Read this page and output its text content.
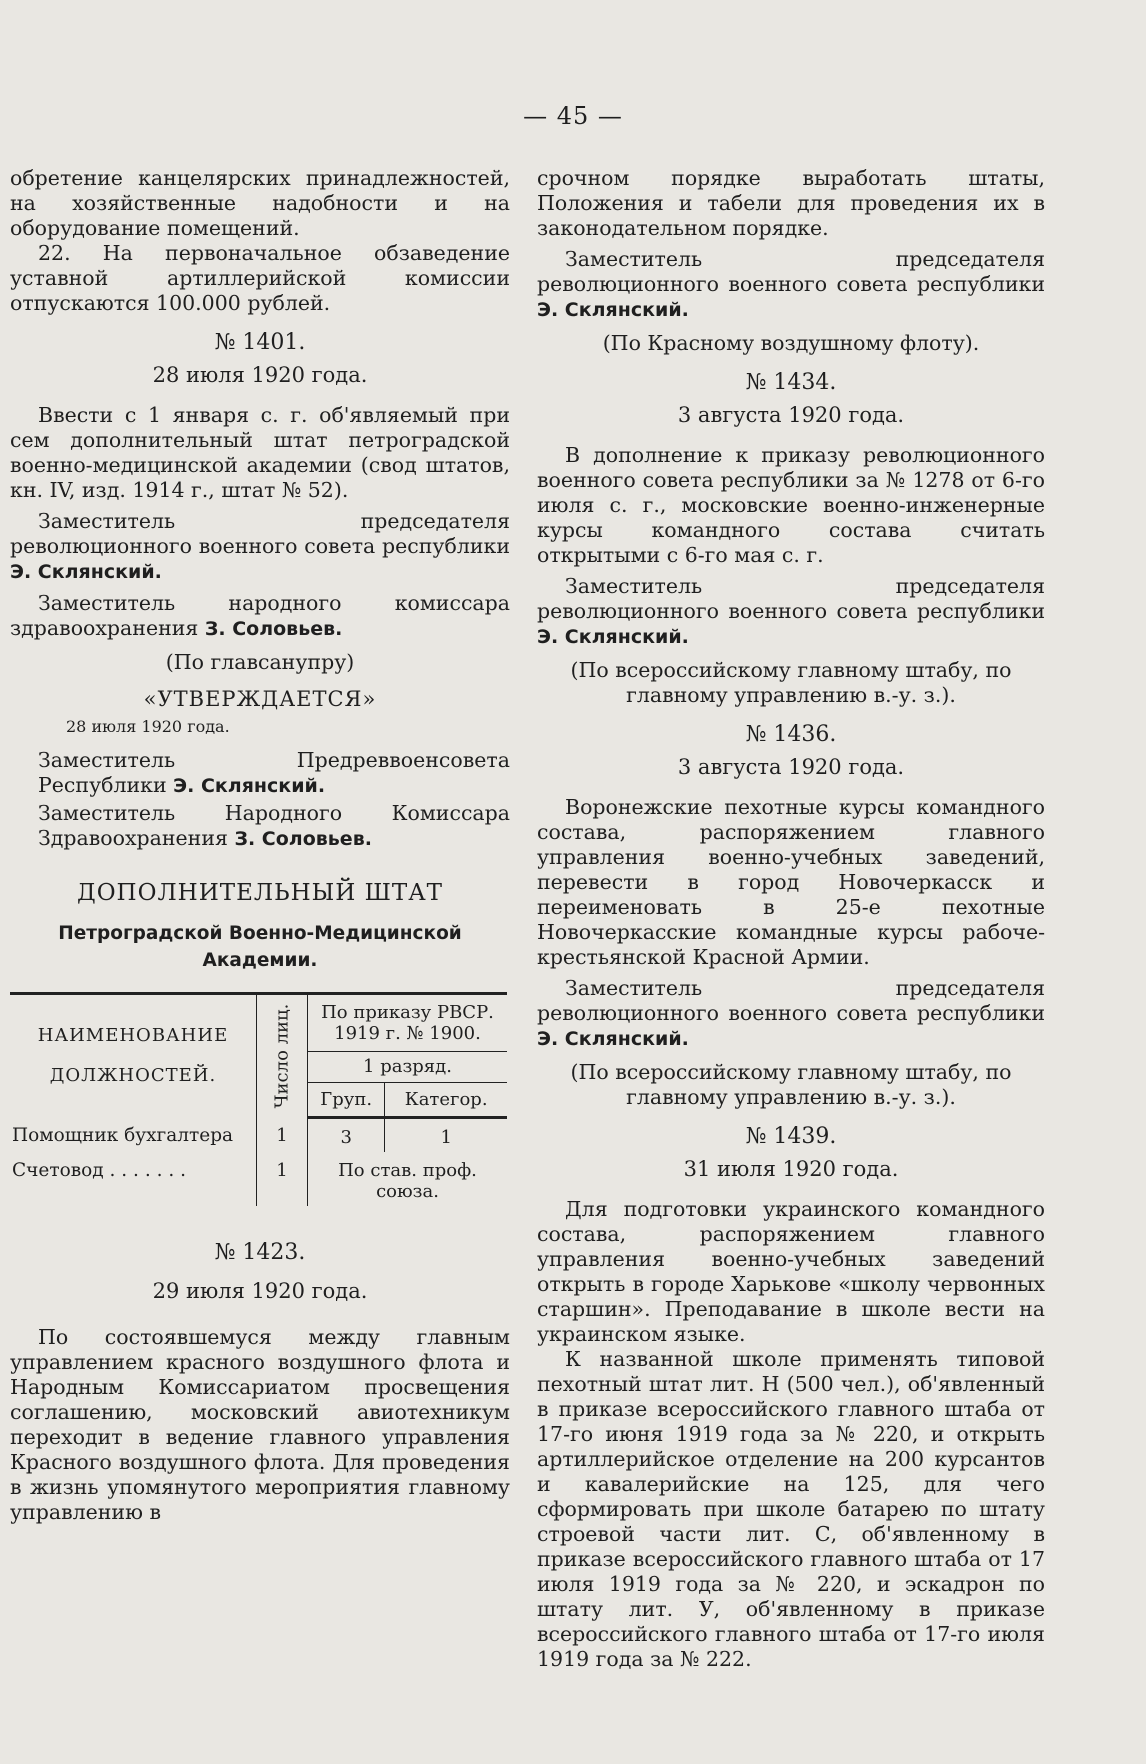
— 45 —

обретение канцелярских принадлежностей, на хозяйственные надобности и на оборудование помещений.

22. На первоначальное обзаведение уставной артиллерийской комиссии отпускаются 100.000 рублей.

№ 1401.
28 июля 1920 года.

Ввести с 1 января с. г. об'являемый при сем дополнительный штат петроградской военно-медицинской академии (свод штатов, кн. IV, изд. 1914 г., штат № 52).

Заместитель председателя революционного военного совета республики Э. Склянский.

Заместитель народного комиссара здравоохранения З. Соловьев.

(По главсанупру)

«УТВЕРЖДАЕТСЯ»
28 июля 1920 года.

Заместитель Предреввоенсовета Республики Э. Склянский.

Заместитель Народного Комиссара Здравоохранения З. Соловьев.

ДОПОЛНИТЕЛЬНЫЙ ШТАТ
Петроградской Военно-Медицинской Академии.
НАИМЕНОВАНИЕ ДОЛЖНОСТЕЙ.	Число лиц.	По приказу РВСР. 1919 г. № 1900.	
		1 разряд.	
		Груп.	Категор.
Помощник бухгалтера	1	3	1
Счетовод . . . . . . .	1	По став. проф. союза.	
№ 1423.
29 июля 1920 года.

По состоявшемуся между главным управлением красного воздушного флота и Народным Комиссариатом просвещения соглашению, московский авиотехникум переходит в ведение главного управления Красного воздушного флота. Для проведения в жизнь упомянутого мероприятия главному управлению в

срочном порядке выработать штаты, Положения и табели для проведения их в законодательном порядке.

Заместитель председателя революционного военного совета республики Э. Склянский.

(По Красному воздушному флоту).

№ 1434.
3 августа 1920 года.

В дополнение к приказу революционного военного совета республики за № 1278 от 6-го июля с. г., московские военно-инженерные курсы командного состава считать открытыми с 6-го мая с. г.

Заместитель председателя революционного военного совета республики Э. Склянский.

(По всероссийскому главному штабу, по главному управлению в.-у. з.).

№ 1436.
3 августа 1920 года.

Воронежские пехотные курсы командного состава, распоряжением главного управления военно-учебных заведений, перевести в город Новочеркасск и переименовать в 25-е пехотные Новочеркасские командные курсы рабоче-крестьянской Красной Армии.

Заместитель председателя революционного военного совета республики Э. Склянский.

(По всероссийскому главному штабу, по главному управлению в.-у. з.).

№ 1439.
31 июля 1920 года.

Для подготовки украинского командного состава, распоряжением главного управления военно-учебных заведений открыть в городе Харькове «школу червонных старшин». Преподавание в школе вести на украинском языке.

К названной школе применять типовой пехотный штат лит. Н (500 чел.), об'явленный в приказе всероссийского главного штаба от 17-го июня 1919 года за № 220, и открыть артиллерийское отделение на 200 курсантов и кавалерийские на 125, для чего сформировать при школе батарею по штату строевой части лит. С, об'явленному в приказе всероссийского главного штаба от 17 июля 1919 года за № 220, и эскадрон по штату лит. У, об'явленному в приказе всероссийского главного штаба от 17-го июля 1919 года за № 222.
